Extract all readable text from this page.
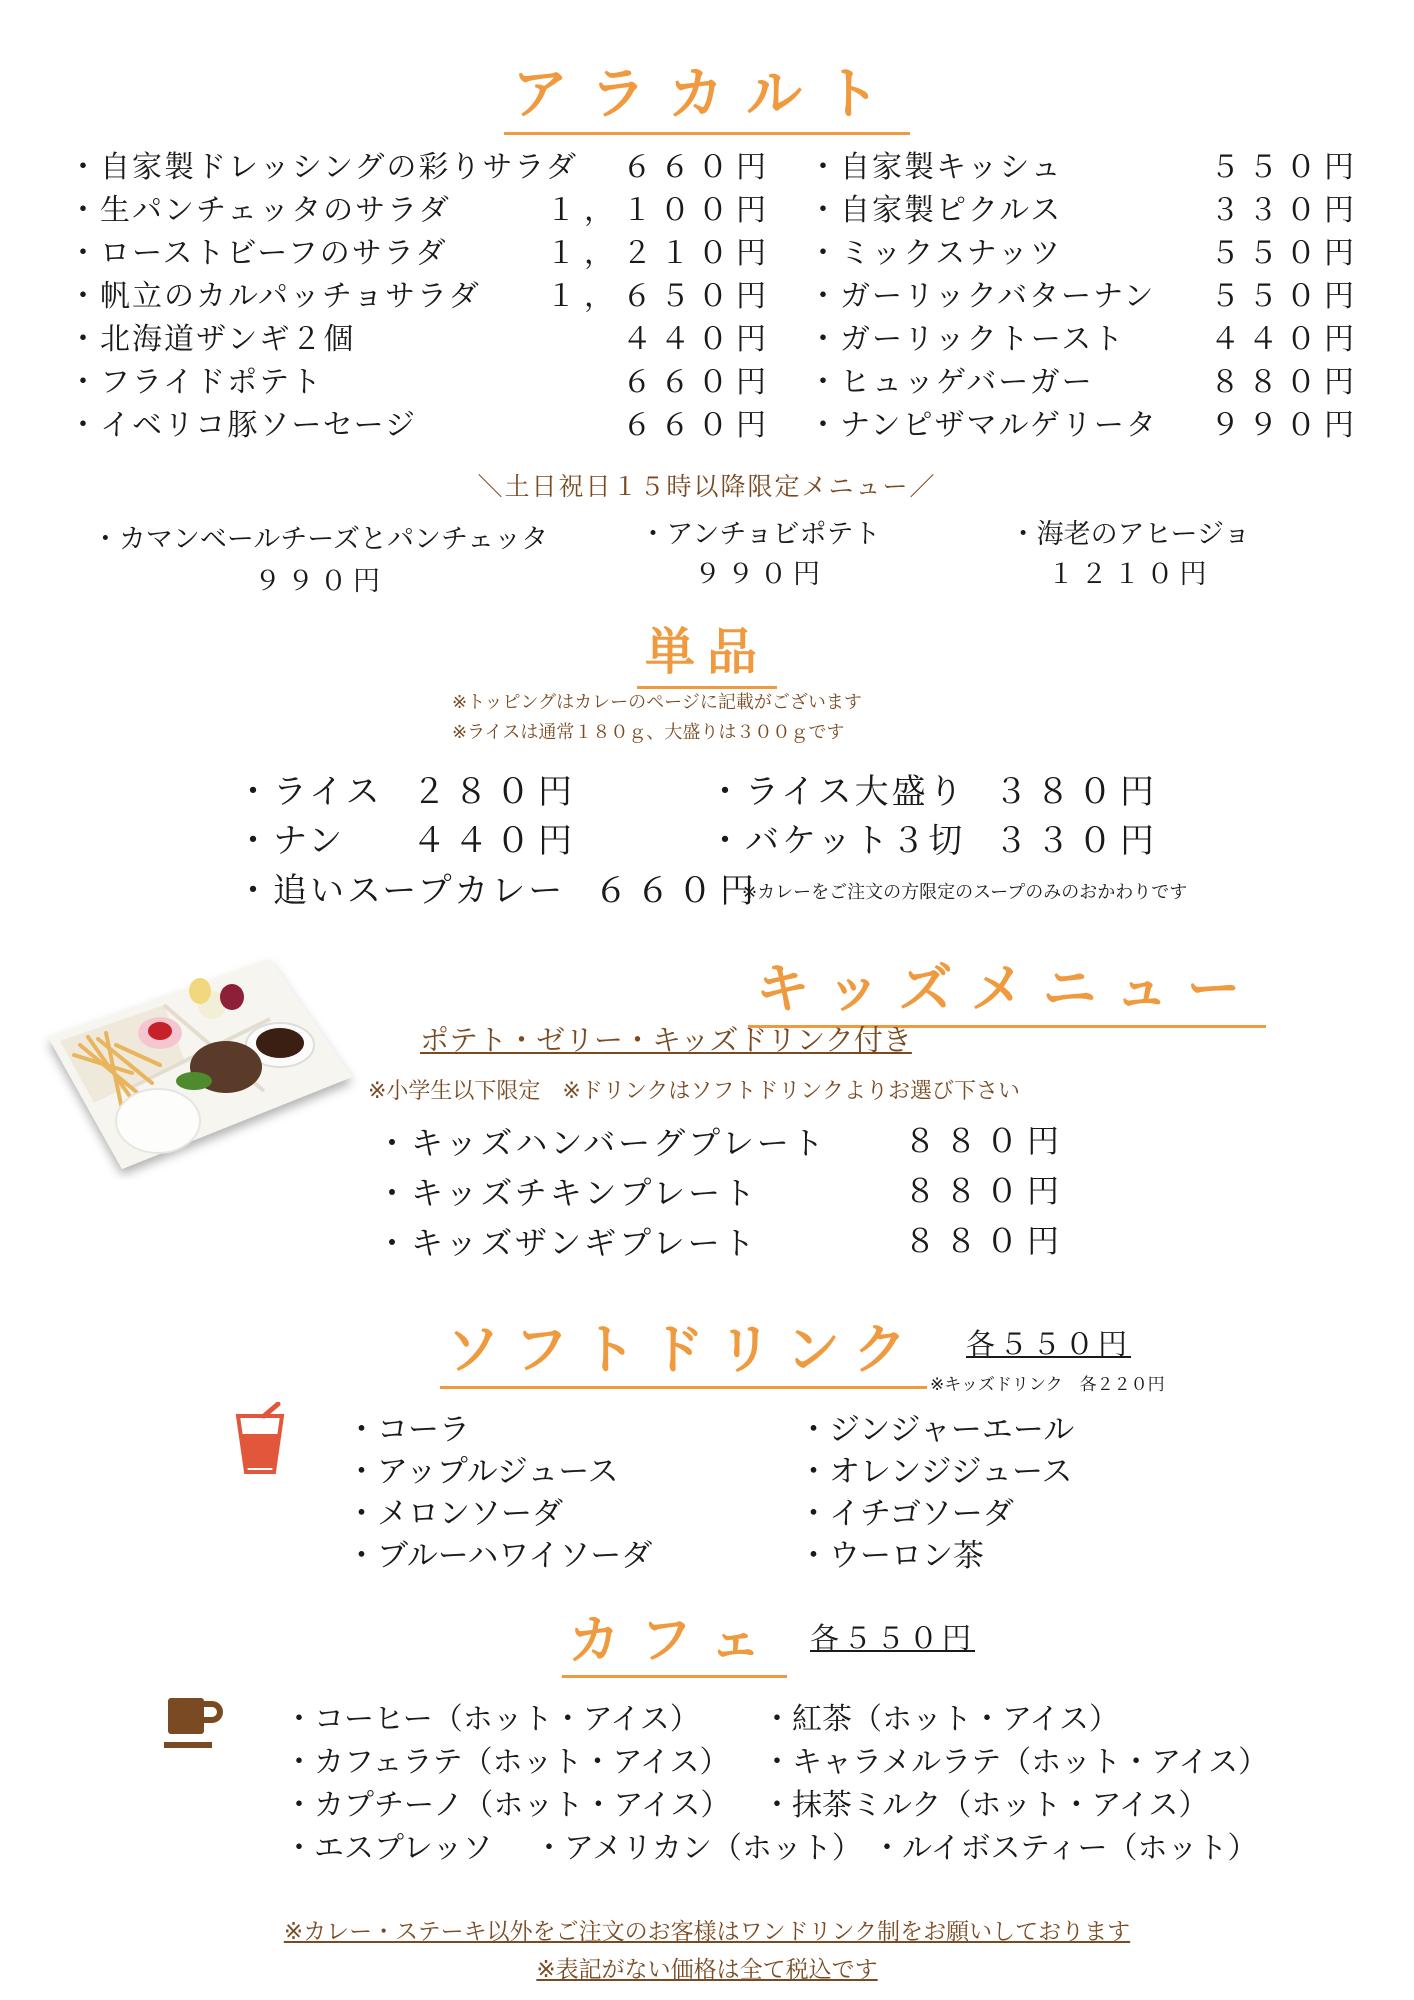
アラカルト
・自家製ドレッシングの彩りサラダ ６６０円
・生パンチェッタのサラダ	１，１００円
・ローストビーフのサラダ	１，２１０円
・帆立のカルパッチョサラダ １，６５０円
・北海道ザンギ２個	４４０円
・フライドポテト	６６０円
・イベリコ豚ソーセージ	６６０円
・自家製キッシュ	５５０円
・自家製ピクルス	３３０円
・ミックスナッツ	５５０円
・ガーリックバターナン ５５０円
・ガーリックトースト	４４０円
・ヒュッゲバーガー	８８０円
・ナンピザマルゲリータ ９９０円
＼土日祝日１５時以降限定メニュー／
・カマンベールチーズとパンチェッタ
９９０円
・アンチョビポテト
９９０円
・海老のアヒージョ
１２１０円
単品
※トッピングはカレーのページに記載がございます
※ライスは通常１８０ｇ、大盛りは３００ｇです
・ライス ２８０円	・ライス大盛り ３８０円
・ナン ４４０円	・バケット３切 ３３０円
・追いスープカレー ６６０円
※カレーをご注文の方限定のスープのみのおかわりです
キッズメニュー
ポテト・ゼリー・キッズドリンク付き
※小学生以下限定　※ドリンクはソフトドリンクよりお選び下さい
・キッズハンバーグプレート ８８０円
・キッズチキンプレート	８８０円
・キッズザンギプレート	８８０円
ソフトドリンク 各５５０円
※キッズドリンク　各２２０円
・コーラ
・アップルジュース
・メロンソーダ
・ブルーハワイソーダ
・ジンジャーエール
・オレンジジュース
・イチゴソーダ
・ウーロン茶
カフェ 各５５０円
・コーヒー（ホット・アイス） ・紅茶（ホット・アイス）
・カフェラテ（ホット・アイス） ・キャラメルラテ（ホット・アイス）
・カプチーノ（ホット・アイス） ・抹茶ミルク（ホット・アイス）
・エスプレッソ ・アメリカン（ホット） ・ルイボスティー（ホット）
※カレー・ステーキ以外をご注文のお客様はワンドリンク制をお願いしております
※表記がない価格は全て税込です
